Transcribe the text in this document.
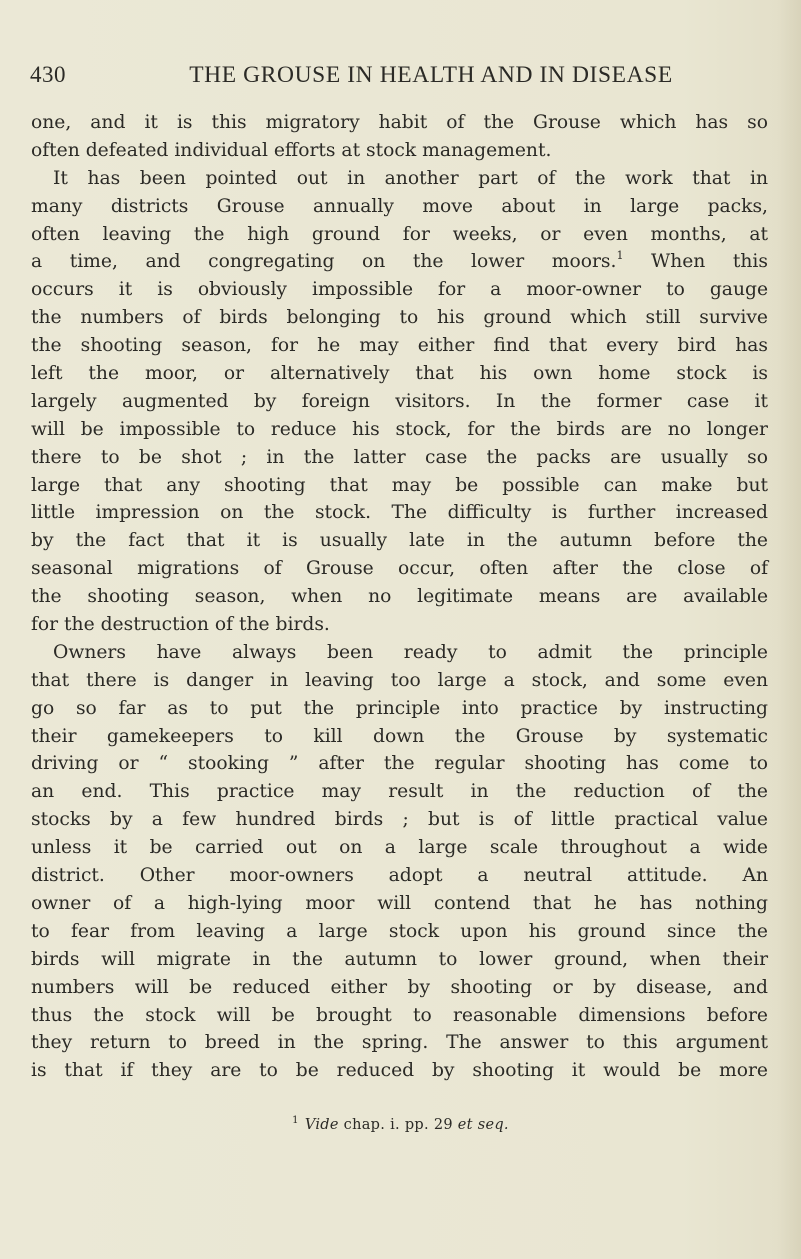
430	THE GROUSE IN HEALTH AND IN DISEASE
one, and it is this migratory habit of the Grouse which has so
often defeated individual efforts at stock management.
It has been pointed out in another part of the work that in
many districts Grouse annually move about in large packs,
often leaving the high ground for weeks, or even months, at
a time, and congregating on the lower moors.$^1$ When this
occurs it is obviously impossible for a moor-owner to gauge
the numbers of birds belonging to his ground which still survive
the shooting season, for he may either find that every bird has
left the moor, or alternatively that his own home stock is
largely augmented by foreign visitors. In the former case it
will be impossible to reduce his stock, for the birds are no longer
there to be shot ; in the latter case the packs are usually so
large that any shooting that may be possible can make but
little impression on the stock. The difficulty is further increased
by the fact that it is usually late in the autumn before the
seasonal migrations of Grouse occur, often after the close of
the shooting season, when no legitimate means are available
for the destruction of the birds.
Owners have always been ready to admit the principle
that there is danger in leaving too large a stock, and some even
go so far as to put the principle into practice by instructing
their gamekeepers to kill down the Grouse by systematic
driving or “ stooking ” after the regular shooting has come to
an end. This practice may result in the reduction of the
stocks by a few hundred birds ; but is of little practical value
unless it be carried out on a large scale throughout a wide
district. Other moor-owners adopt a neutral attitude. An
owner of a high-lying moor will contend that he has nothing
to fear from leaving a large stock upon his ground since the
birds will migrate in the autumn to lower ground, when their
numbers will be reduced either by shooting or by disease, and
thus the stock will be brought to reasonable dimensions before
they return to breed in the spring. The answer to this argument
is that if they are to be reduced by shooting it would be more
$^1$ Vide chap. i. pp. 29 et seq.
